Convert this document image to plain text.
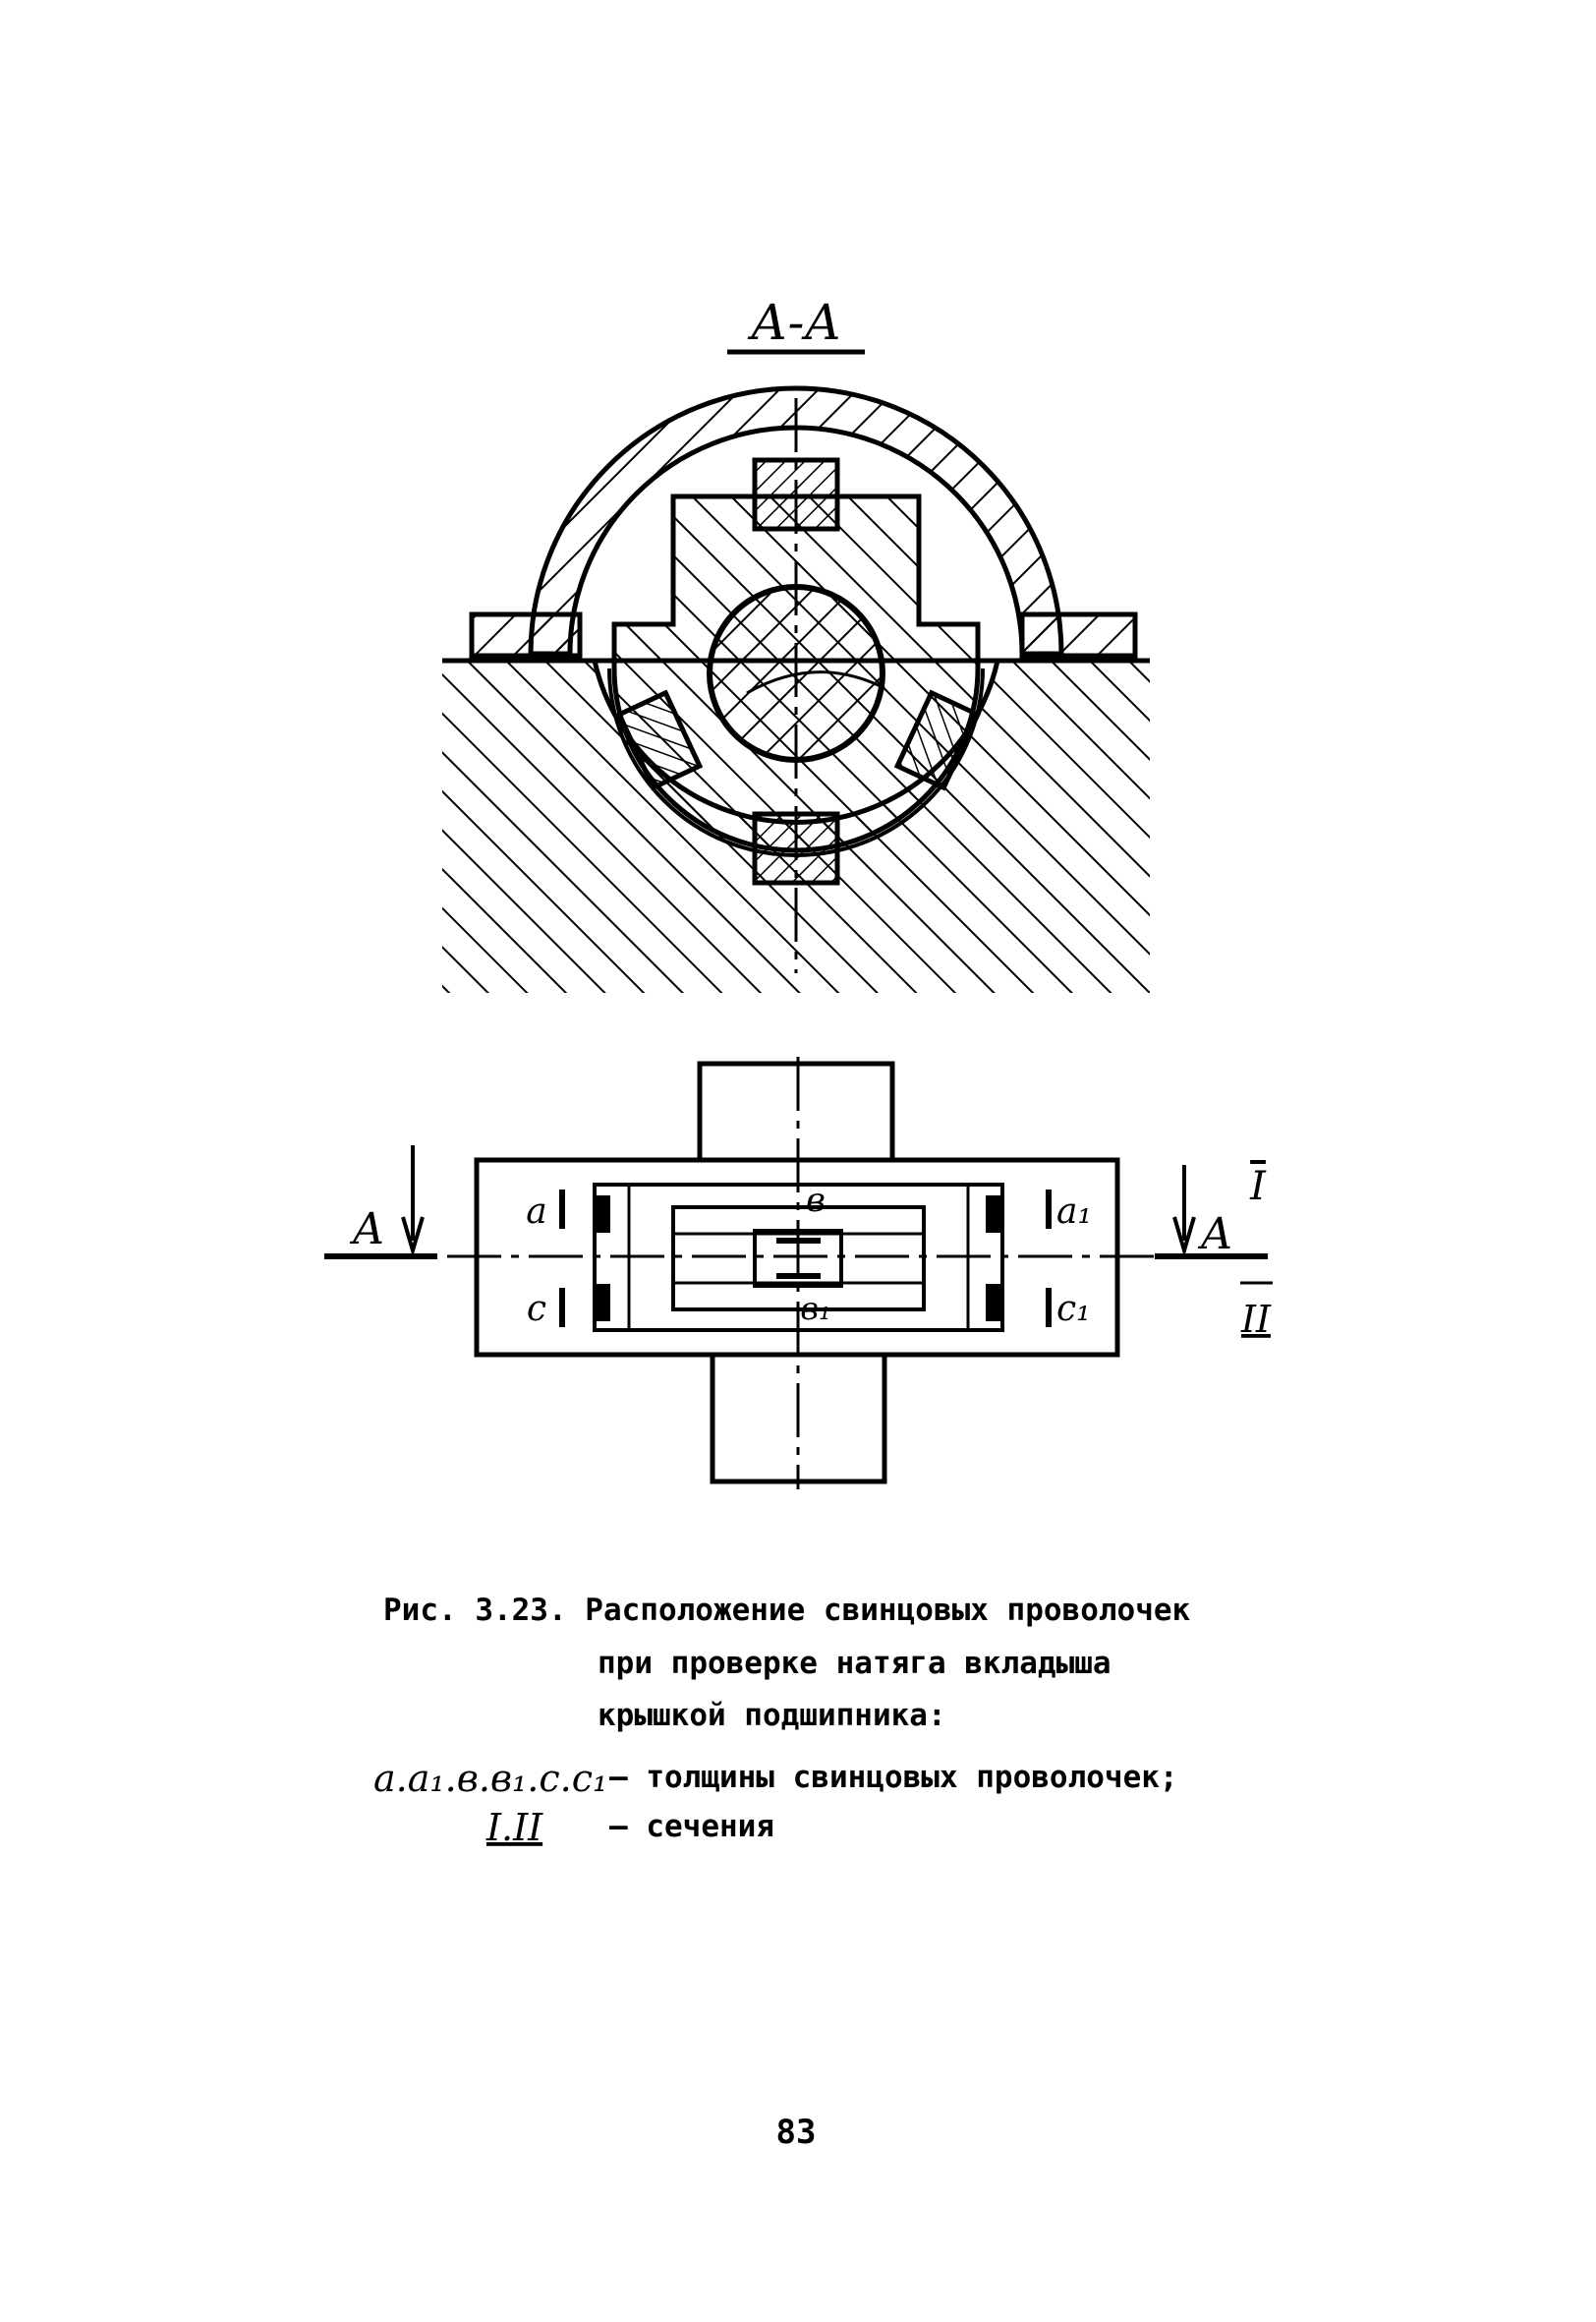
А-А
А	А
I
II
a
c
a₁
c₁
в
в₁
Рис. 3.23. Расположение свинцовых проволочек
при проверке натяга вкладыша
крышкой подшипника:
a.a₁.в.в₁.c.c₁ – толщины свинцовых проволочек;
I.II – сечения
83
